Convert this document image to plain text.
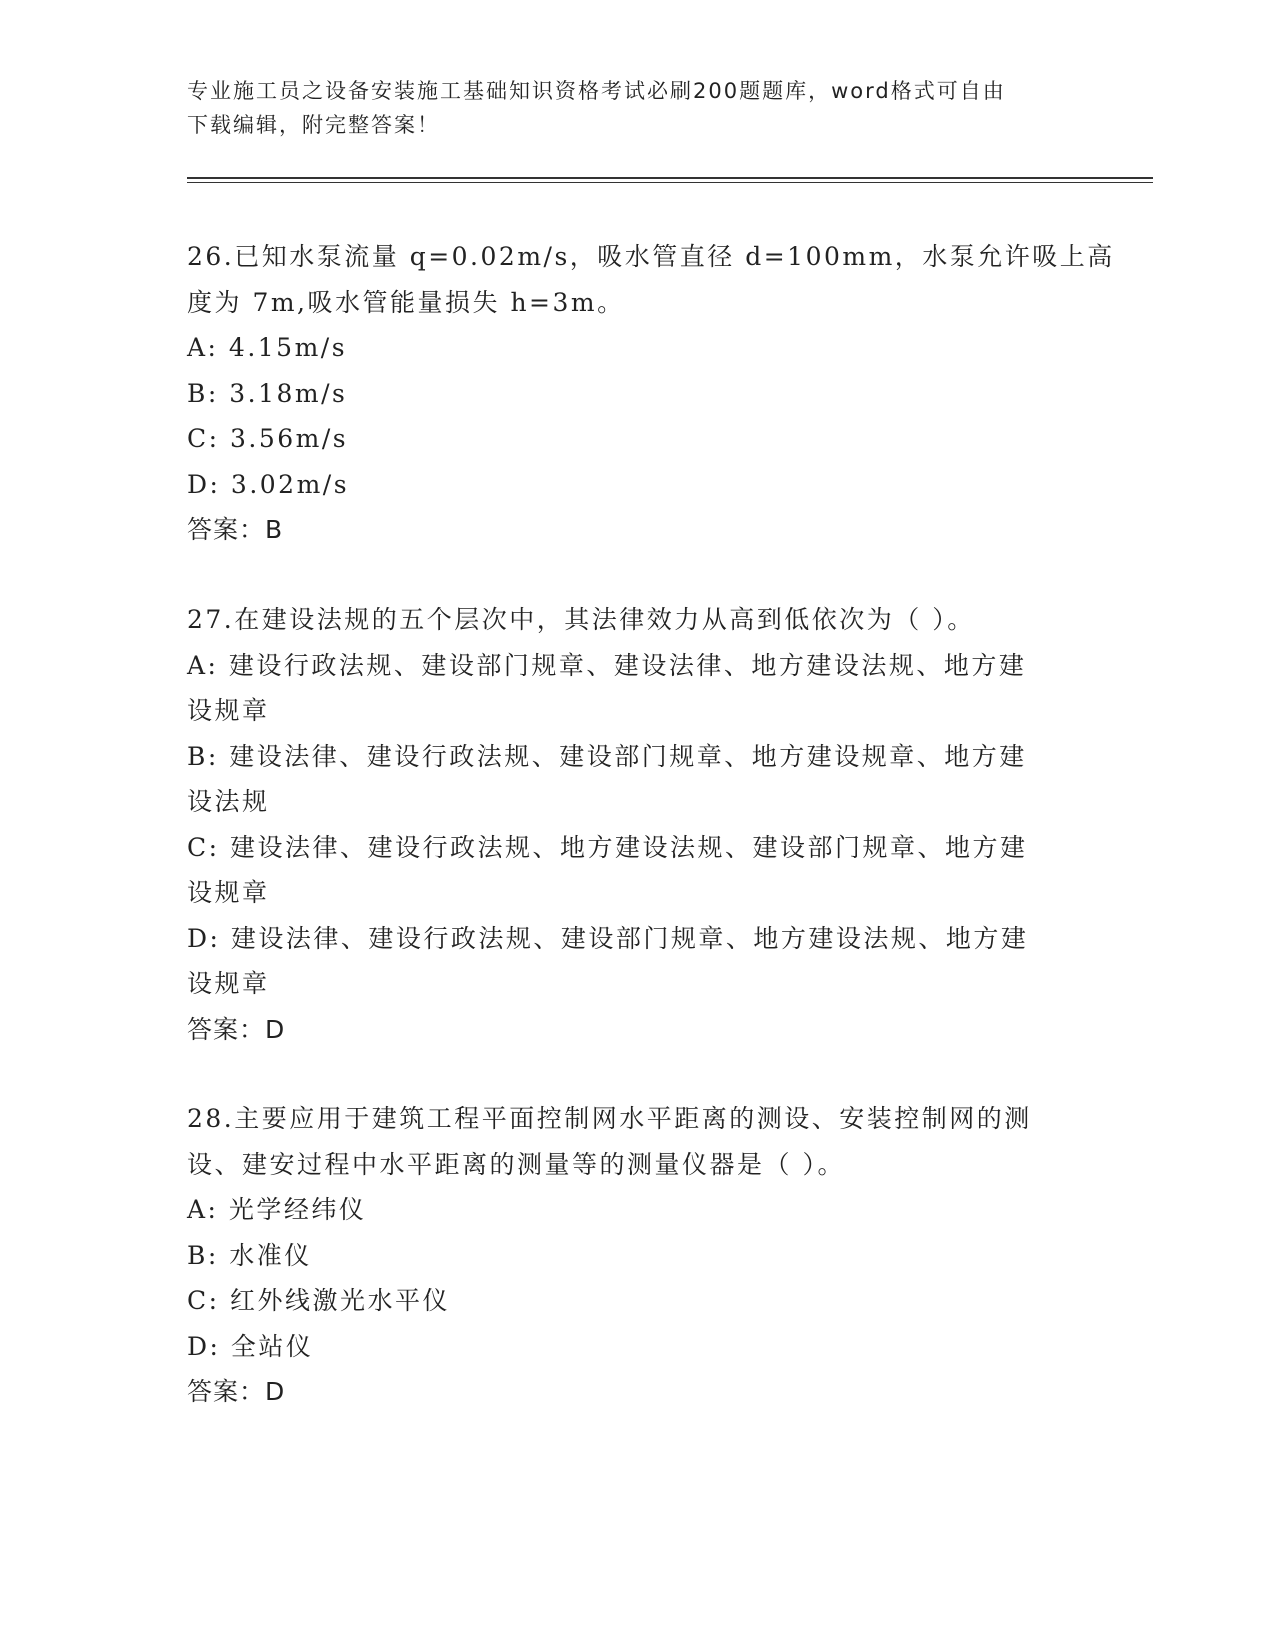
专业施工员之设备安装施工基础知识资格考试必刷200题题库，word格式可自由
下载编辑，附完整答案！
26.已知水泵流量 q=0.02m/s，吸水管直径 d=100mm，水泵允许吸上高
度为 7m,吸水管能量损失 h=3m。
A: 4.15m/s
B: 3.18m/s
C: 3.56m/s
D: 3.02m/s
答案：B
27.在建设法规的五个层次中，其法律效力从高到低依次为（ ）。
A: 建设行政法规、建设部门规章、建设法律、地方建设法规、地方建
设规章
B: 建设法律、建设行政法规、建设部门规章、地方建设规章、地方建
设法规
C: 建设法律、建设行政法规、地方建设法规、建设部门规章、地方建
设规章
D: 建设法律、建设行政法规、建设部门规章、地方建设法规、地方建
设规章
答案：D
28.主要应用于建筑工程平面控制网水平距离的测设、安装控制网的测
设、建安过程中水平距离的测量等的测量仪器是（ ）。
A: 光学经纬仪
B: 水准仪
C: 红外线激光水平仪
D: 全站仪
答案：D
